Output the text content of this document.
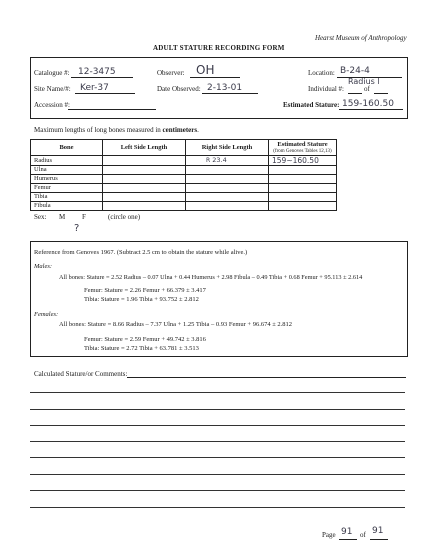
Hearst Museum of Anthropology
ADULT STATURE RECORDING FORM
Catalogue #: 12-3475	Observer: OH	Location: B-24-4
Radius l
Site Name/#: Ker-37	Date Observed: 2-13-01	Individual #:	of
Accession #:	Estimated Stature: 159-160.50
Maximum lengths of long bones measured in centimeters.
Bone	Left Side Length	Right Side Length	Estimated Stature
(from Genoves Tables 12,13)

Radius		R 23.4	159~160.50
Ulna			
Humerus			
Femur			
Tibia			
Fibula			
Sex: M F	(circle one)
?
Reference from Genoves 1967. (Subtract 2.5 cm to obtain the stature while alive.)
Males:
All bones: Stature = 2.52 Radius – 0.07 Ulna + 0.44 Humerus + 2.98 Fibula – 0.49 Tibia + 0.68 Femur + 95.113 ± 2.614
Femur: Stature = 2.26 Femur + 66.379 ± 3.417
Tibia: Stature = 1.96 Tibia + 93.752 ± 2.812
Females:
All bones: Stature = 8.66 Radius – 7.37 Ulna + 1.25 Tibia – 0.93 Femur + 96.674 ± 2.812
Femur: Stature = 2.59 Femur + 49.742 ± 3.816
Tibia: Stature = 2.72 Tibia + 63.781 ± 3.513
Calculated Stature/or Comments:
Page 91 of 91
